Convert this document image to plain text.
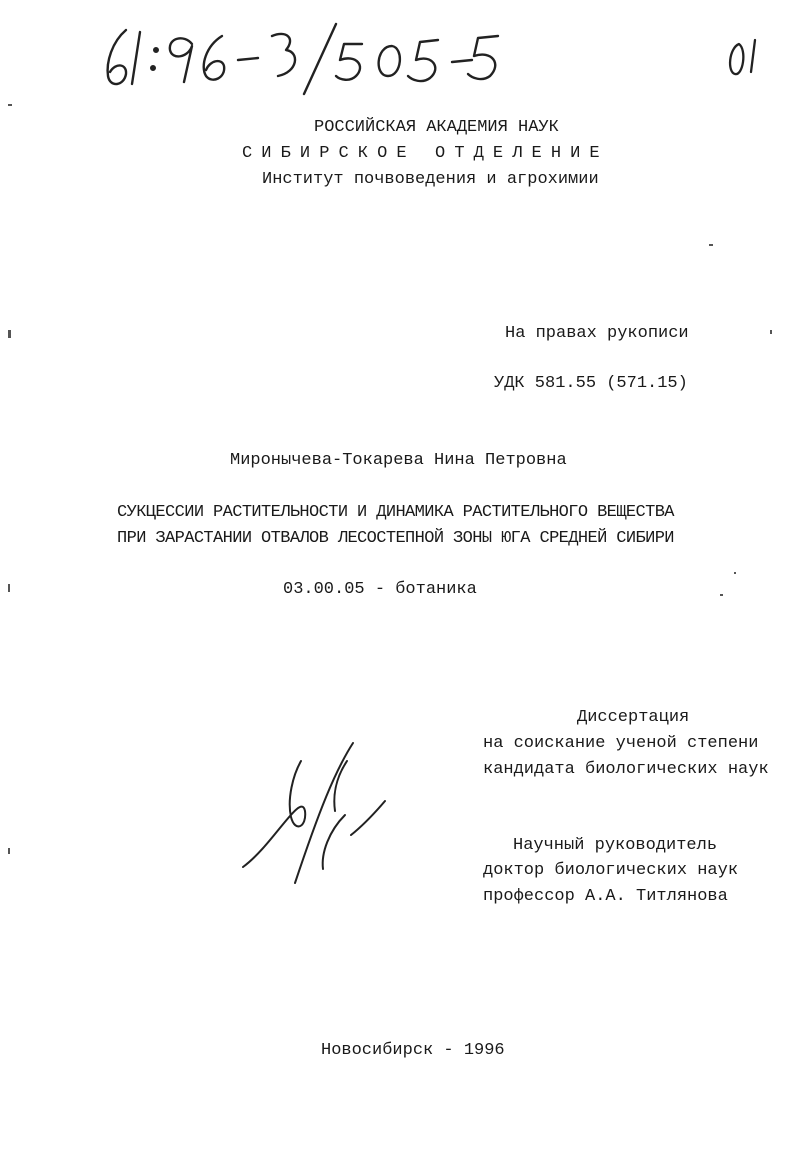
РОССИЙСКАЯ АКАДЕМИЯ НАУК
СИБИРСКОЕ ОТДЕЛЕНИЕ
Институт почвоведения и агрохимии
На правах рукописи
УДК 581.55 (571.15)
Миронычева-Токарева Нина Петровна
СУКЦЕССИИ РАСТИТЕЛЬНОСТИ И ДИНАМИКА РАСТИТЕЛЬНОГО ВЕЩЕСТВА
ПРИ ЗАРАСТАНИИ ОТВАЛОВ ЛЕСОСТЕПНОЙ ЗОНЫ ЮГА СРЕДНЕЙ СИБИРИ
03.00.05 - ботаника
Диссертация
на соискание ученой степени
кандидата биологических наук
Научный руководитель
доктор биологических наук
профессор А.А. Титлянова
Новосибирск - 1996
